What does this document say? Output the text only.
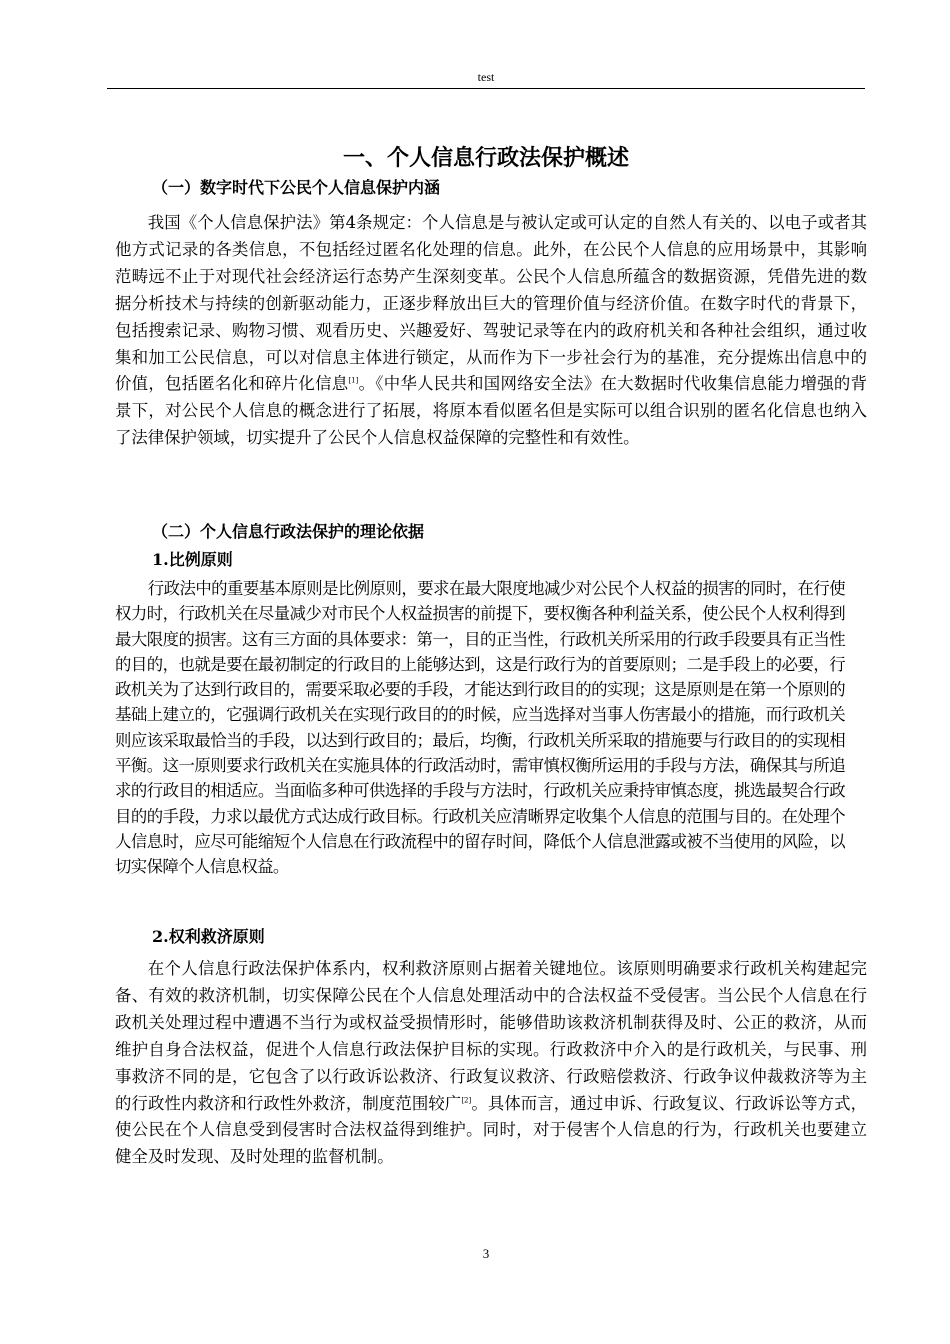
test
一、个人信息行政法保护概述
（一）数字时代下公民个人信息保护内涵

我国《个人信息保护法》第4条规定：个人信息是与被认定或可认定的自然人有关的、以电子或者其他方式记录的各类信息，不包括经过匿名化处理的信息。此外，在公民个人信息的应用场景中，其影响范畴远不止于对现代社会经济运行态势产生深刻变革。公民个人信息所蕴含的数据资源，凭借先进的数据分析技术与持续的创新驱动能力，正逐步释放出巨大的管理价值与经济价值。在数字时代的背景下，包括搜索记录、购物习惯、观看历史、兴趣爱好、驾驶记录等在内的政府机关和各种社会组织，通过收集和加工公民信息，可以对信息主体进行锁定，从而作为下一步社会行为的基准，充分提炼出信息中的价值，包括匿名化和碎片化信息[1]。《中华人民共和国网络安全法》在大数据时代收集信息能力增强的背景下，对公民个人信息的概念进行了拓展，将原本看似匿名但是实际可以组合识别的匿名化信息也纳入了法律保护领域，切实提升了公民个人信息权益保障的完整性和有效性。

（二）个人信息行政法保护的理论依据
1.比例原则

行政法中的重要基本原则是比例原则，要求在最大限度地减少对公民个人权益的损害的同时，在行使权力时，行政机关在尽量减少对市民个人权益损害的前提下，要权衡各种利益关系，使公民个人权利得到最大限度的损害。这有三方面的具体要求：第一，目的正当性，行政机关所采用的行政手段要具有正当性的目的，也就是要在最初制定的行政目的上能够达到，这是行政行为的首要原则；二是手段上的必要，行政机关为了达到行政目的，需要采取必要的手段，才能达到行政目的的实现；这是原则是在第一个原则的基础上建立的，它强调行政机关在实现行政目的的时候，应当选择对当事人伤害最小的措施，而行政机关则应该采取最恰当的手段，以达到行政目的；最后，均衡，行政机关所采取的措施要与行政目的的实现相平衡。这一原则要求行政机关在实施具体的行政活动时，需审慎权衡所运用的手段与方法，确保其与所追求的行政目的相适应。当面临多种可供选择的手段与方法时，行政机关应秉持审慎态度，挑选最契合行政目的的手段，力求以最优方式达成行政目标。行政机关应清晰界定收集个人信息的范围与目的。在处理个人信息时，应尽可能缩短个人信息在行政流程中的留存时间，降低个人信息泄露或被不当使用的风险，以切实保障个人信息权益。

2.权利救济原则

在个人信息行政法保护体系内，权利救济原则占据着关键地位。该原则明确要求行政机关构建起完备、有效的救济机制，切实保障公民在个人信息处理活动中的合法权益不受侵害。当公民个人信息在行政机关处理过程中遭遇不当行为或权益受损情形时，能够借助该救济机制获得及时、公正的救济，从而维护自身合法权益，促进个人信息行政法保护目标的实现。行政救济中介入的是行政机关，与民事、刑事救济不同的是，它包含了以行政诉讼救济、行政复议救济、行政赔偿救济、行政争议仲裁救济等为主的行政性内救济和行政性外救济，制度范围较广[2]。具体而言，通过申诉、行政复议、行政诉讼等方式，使公民在个人信息受到侵害时合法权益得到维护。同时，对于侵害个人信息的行为，行政机关也要建立健全及时发现、及时处理的监督机制。

3
